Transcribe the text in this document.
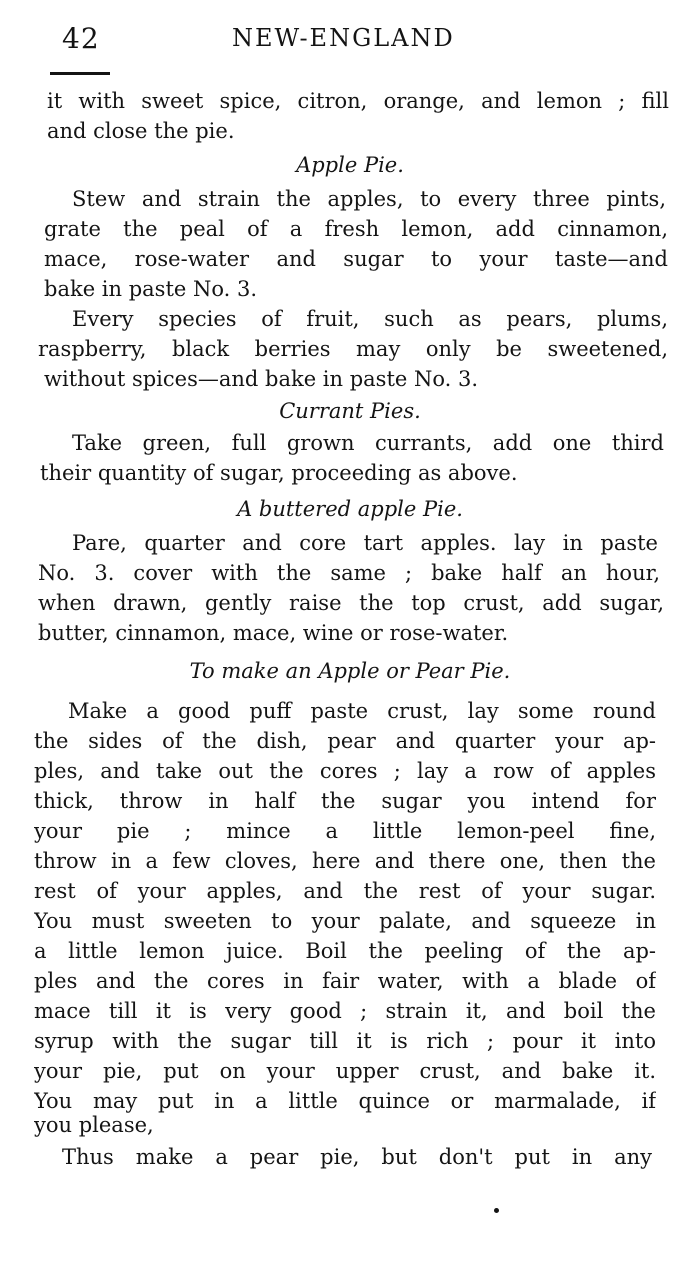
42	NEW-ENGLAND
it with sweet spice, citron, orange, and lemon ; fill
and close the pie.
Apple Pie.
Stew and strain the apples, to every three pints,
grate the peal of a fresh lemon, add cinnamon,
mace, rose-water and sugar to your taste—and
bake in paste No. 3.
Every species of fruit, such as pears, plums,
raspberry, black berries may only be sweetened,
without spices—and bake in paste No. 3.
Currant Pies.
Take green, full grown currants, add one third
their quantity of sugar, proceeding as above.
A buttered apple Pie.
Pare, quarter and core tart apples. lay in paste
No. 3. cover with the same ; bake half an hour,
when drawn, gently raise the top crust, add sugar,
butter, cinnamon, mace, wine or rose-water.
To make an Apple or Pear Pie.
Make a good puff paste crust, lay some round
the sides of the dish, pear and quarter your ap-
ples, and take out the cores ; lay a row of apples
thick, throw in half the sugar you intend for
your pie ; mince a little lemon-peel fine,
throw in a few cloves, here and there one, then the
rest of your apples, and the rest of your sugar.
You must sweeten to your palate, and squeeze in
a little lemon juice. Boil the peeling of the ap-
ples and the cores in fair water, with a blade of
mace till it is very good ; strain it, and boil the
syrup with the sugar till it is rich ; pour it into
your pie, put on your upper crust, and bake it.
You may put in a little quince or marmalade, if
you please,
Thus make a pear pie, but don't put in any
